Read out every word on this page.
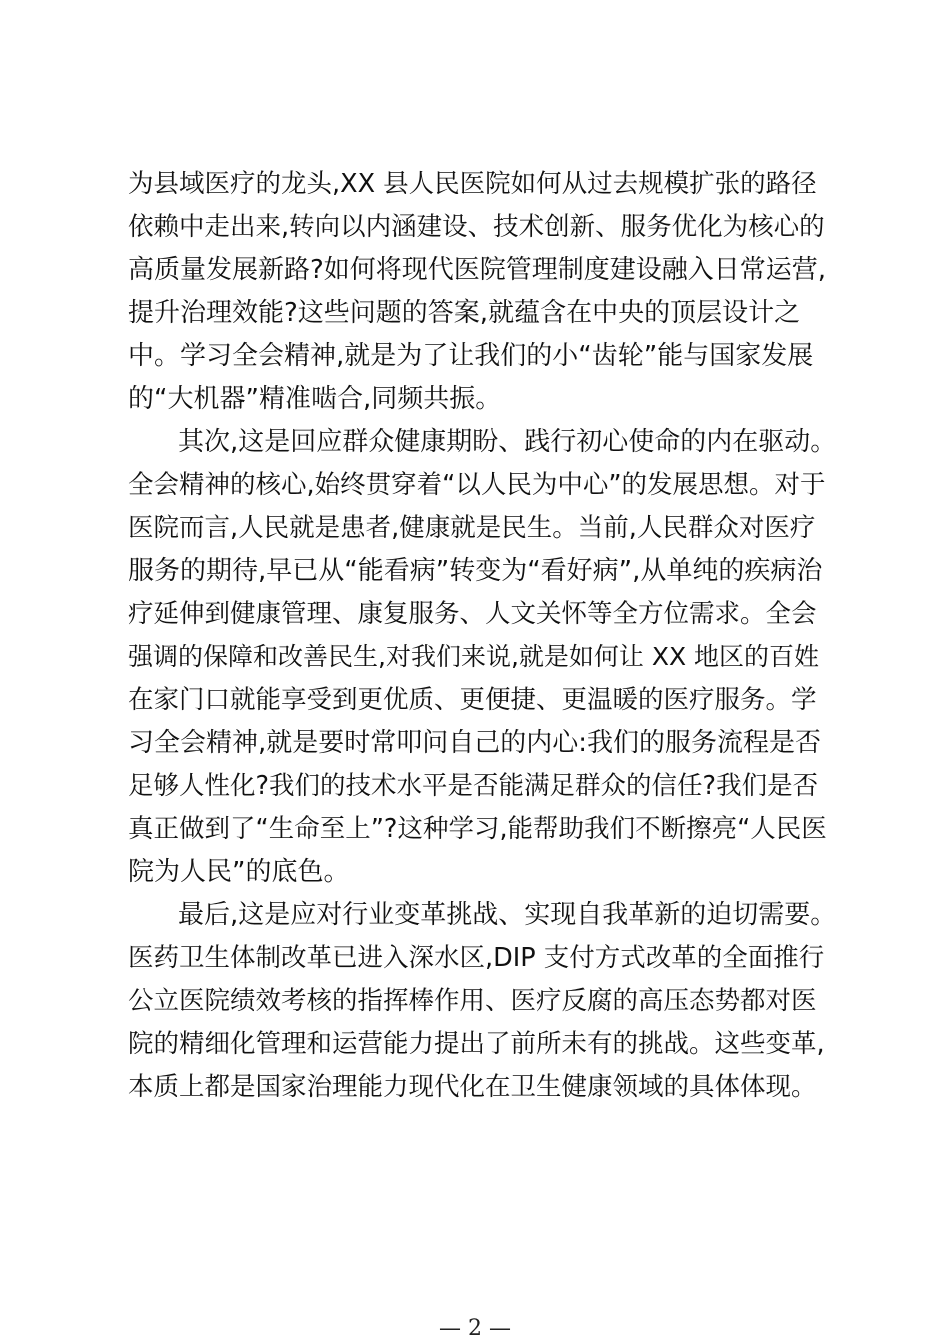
为县域医疗的龙头,XX 县人民医院如何从过去规模扩张的路径
依赖中走出来,转向以内涵建设、技术创新、服务优化为核心的
高质量发展新路?如何将现代医院管理制度建设融入日常运营,
提升治理效能?这些问题的答案,就蕴含在中央的顶层设计之
中。学习全会精神,就是为了让我们的小“齿轮”能与国家发展
的“大机器”精准啮合,同频共振。
其次,这是回应群众健康期盼、践行初心使命的内在驱动。
全会精神的核心,始终贯穿着“以人民为中心”的发展思想。对于
医院而言,人民就是患者,健康就是民生。当前,人民群众对医疗
服务的期待,早已从“能看病”转变为“看好病”,从单纯的疾病治
疗延伸到健康管理、康复服务、人文关怀等全方位需求。全会
强调的保障和改善民生,对我们来说,就是如何让 XX 地区的百姓
在家门口就能享受到更优质、更便捷、更温暖的医疗服务。学
习全会精神,就是要时常叩问自己的内心:我们的服务流程是否
足够人性化?我们的技术水平是否能满足群众的信任?我们是否
真正做到了“生命至上”?这种学习,能帮助我们不断擦亮“人民医
院为人民”的底色。
最后,这是应对行业变革挑战、实现自我革新的迫切需要。
医药卫生体制改革已进入深水区,DIP 支付方式改革的全面推行
公立医院绩效考核的指挥棒作用、医疗反腐的高压态势都对医
院的精细化管理和运营能力提出了前所未有的挑战。这些变革,
本质上都是国家治理能力现代化在卫生健康领域的具体体现。
— 2 —
